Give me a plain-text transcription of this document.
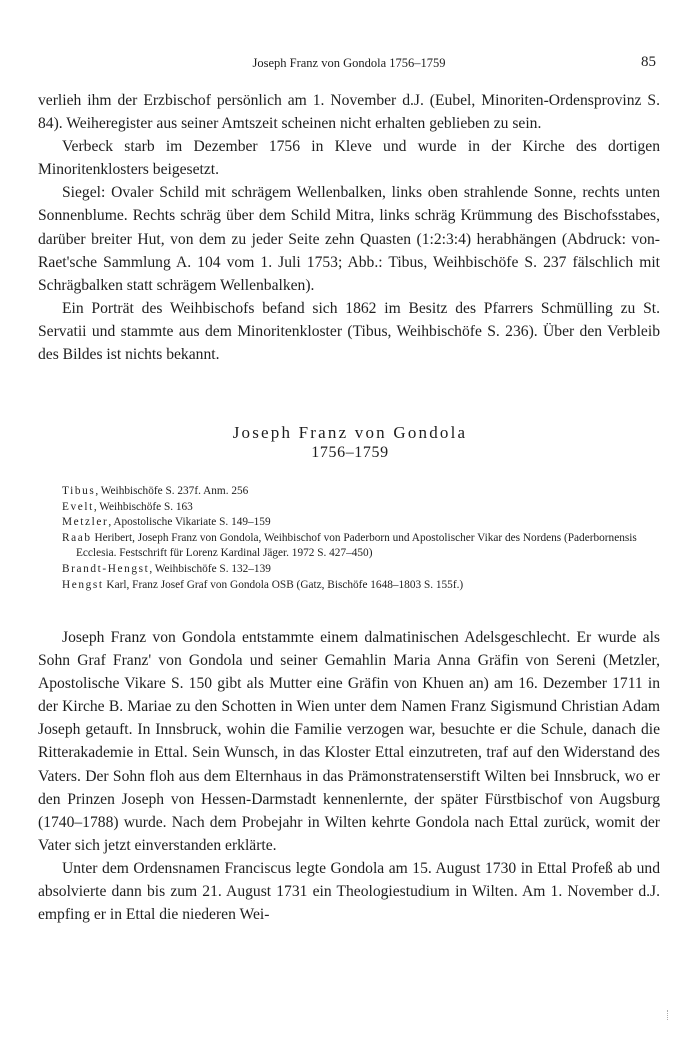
Joseph Franz von Gondola 1756–1759	85

verlieh ihm der Erzbischof persönlich am 1. November d.J. (Eubel, Minoriten-Ordensprovinz S. 84). Weiheregister aus seiner Amtszeit scheinen nicht erhalten geblieben zu sein.

Verbeck starb im Dezember 1756 in Kleve und wurde in der Kirche des dortigen Minoritenklosters beigesetzt.

Siegel: Ovaler Schild mit schrägem Wellenbalken, links oben strahlende Sonne, rechts unten Sonnenblume. Rechts schräg über dem Schild Mitra, links schräg Krümmung des Bischofsstabes, darüber breiter Hut, von dem zu jeder Seite zehn Quasten (1:2:3:4) herabhängen (Abdruck: von-Raet'sche Sammlung A. 104 vom 1. Juli 1753; Abb.: Tibus, Weihbischöfe S. 237 fälschlich mit Schrägbalken statt schrägem Wellenbalken).

Ein Porträt des Weihbischofs befand sich 1862 im Besitz des Pfarrers Schmülling zu St. Servatii und stammte aus dem Minoritenkloster (Tibus, Weihbischöfe S. 236). Über den Verbleib des Bildes ist nichts bekannt.

Joseph Franz von Gondola
1756–1759
Tibus, Weihbischöfe S. 237f. Anm. 256
Evelt, Weihbischöfe S. 163
Metzler, Apostolische Vikariate S. 149–159
Raab Heribert, Joseph Franz von Gondola, Weihbischof von Paderborn und Apostolischer Vikar des Nordens (Paderbornensis Ecclesia. Festschrift für Lorenz Kardinal Jäger. 1972 S. 427–450)
Brandt-Hengst, Weihbischöfe S. 132–139
Hengst Karl, Franz Josef Graf von Gondola OSB (Gatz, Bischöfe 1648–1803 S. 155f.)

Joseph Franz von Gondola entstammte einem dalmatinischen Adelsgeschlecht. Er wurde als Sohn Graf Franz' von Gondola und seiner Gemahlin Maria Anna Gräfin von Sereni (Metzler, Apostolische Vikare S. 150 gibt als Mutter eine Gräfin von Khuen an) am 16. Dezember 1711 in der Kirche B. Mariae zu den Schotten in Wien unter dem Namen Franz Sigismund Christian Adam Joseph getauft. In Innsbruck, wohin die Familie verzogen war, besuchte er die Schule, danach die Ritterakademie in Ettal. Sein Wunsch, in das Kloster Ettal einzutreten, traf auf den Widerstand des Vaters. Der Sohn floh aus dem Elternhaus in das Prämonstratenserstift Wilten bei Innsbruck, wo er den Prinzen Joseph von Hessen-Darmstadt kennenlernte, der später Fürstbischof von Augsburg (1740–1788) wurde. Nach dem Probejahr in Wilten kehrte Gondola nach Ettal zurück, womit der Vater sich jetzt einverstanden erklärte.

Unter dem Ordensnamen Franciscus legte Gondola am 15. August 1730 in Ettal Profeß ab und absolvierte dann bis zum 21. August 1731 ein Theologiestudium in Wilten. Am 1. November d.J. empfing er in Ettal die niederen Wei-
